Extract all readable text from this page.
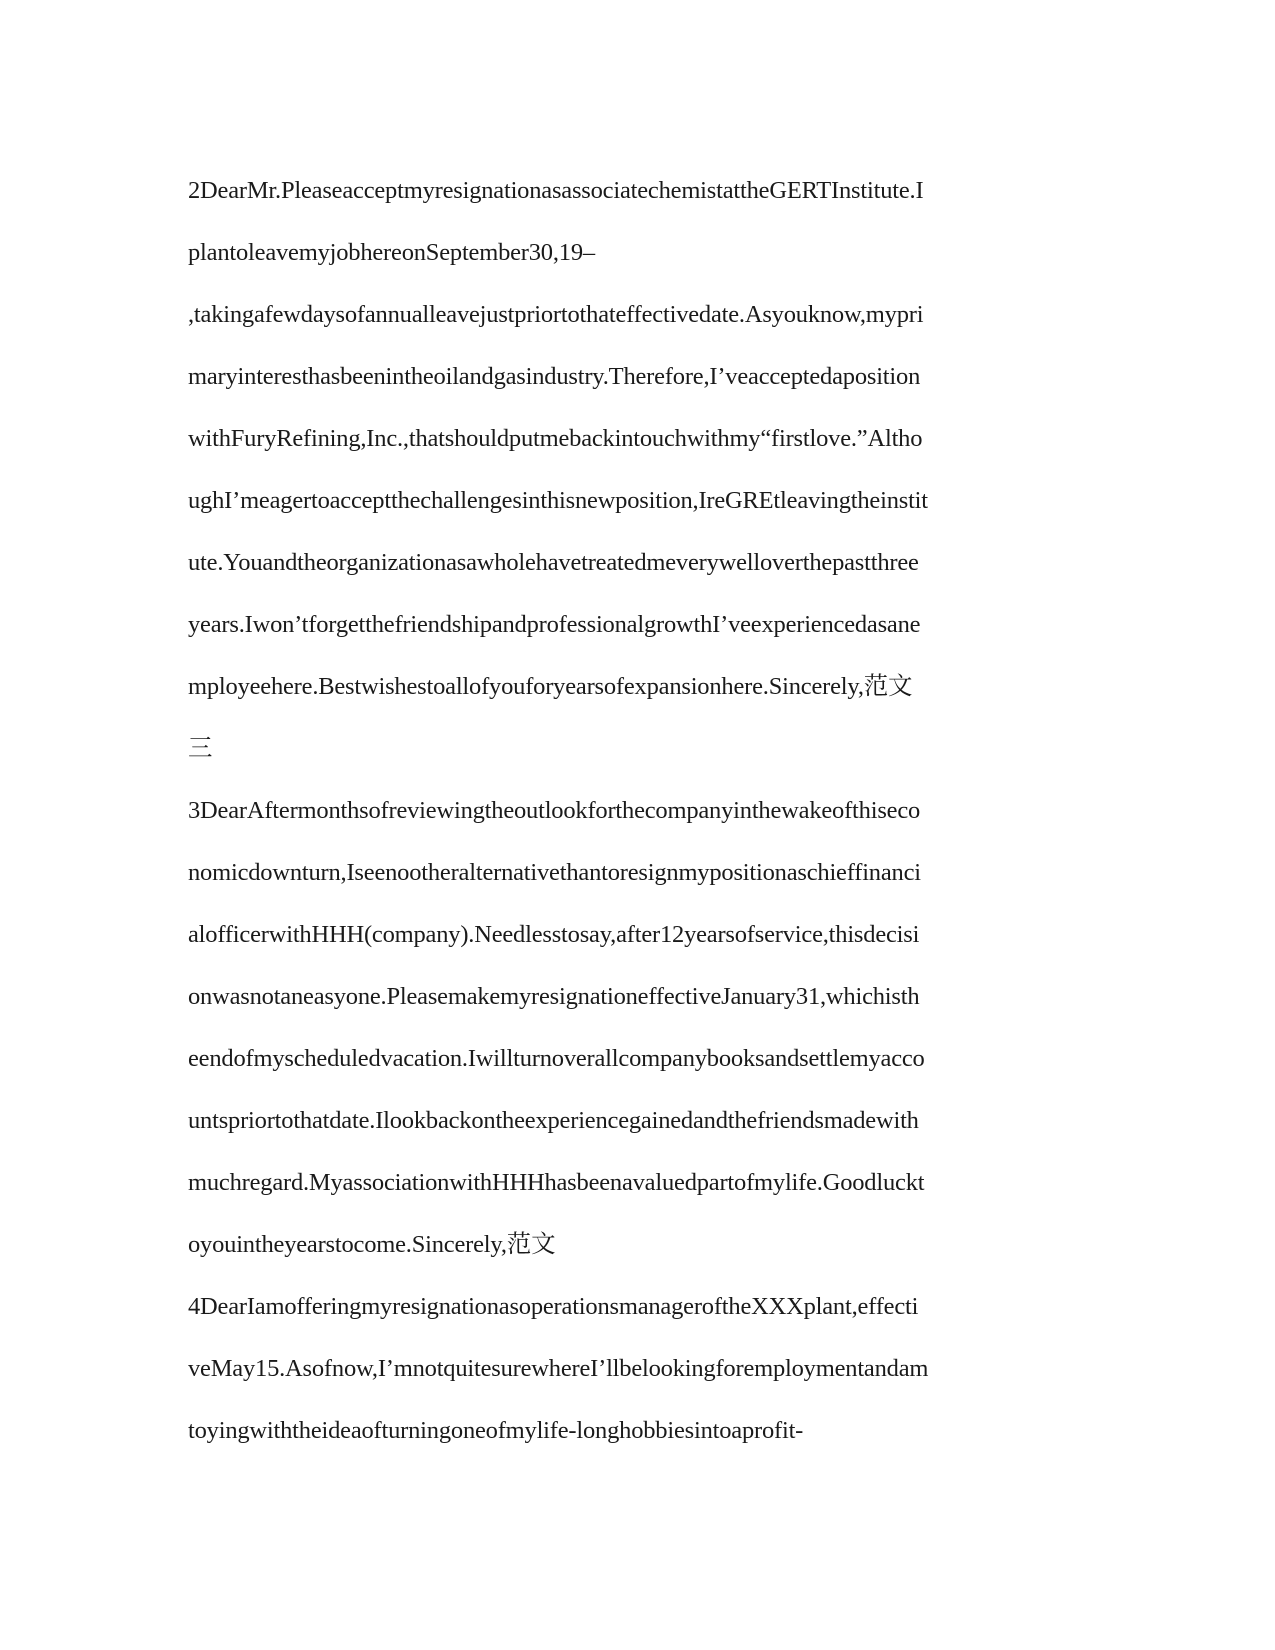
2DearMr.PleaseacceptmyresignationasassociatechemistattheGERTInstitute.I
plantoleavemyjobhereonSeptember30,19–
,takingafewdaysofannualleavejustpriortothateffectivedate.Asyouknow,mypri
maryinteresthasbeenintheoilandgasindustry.Therefore,I’veacceptedaposition
withFuryRefining,Inc.,thatshouldputmebackintouchwithmy“firstlove.”Altho
ughI’meagertoacceptthechallengesinthisnewposition,IreGREtleavingtheinstit
ute.Youandtheorganizationasawholehavetreatedmeverywelloverthepastthree
years.Iwon’tforgetthefriendshipandprofessionalgrowthI’veexperiencedasane
mployeehere.Bestwishestoallofyouforyearsofexpansionhere.Sincerely,范文
三
3DearAftermonthsofreviewingtheoutlookforthecompanyinthewakeofthiseco
nomicdownturn,Iseenootheralternativethantoresignmypositionaschieffinanci
alofficerwithHHH(company).Needlesstosay,after12yearsofservice,thisdecisi
onwasnotaneasyone.PleasemakemyresignationeffectiveJanuary31,whichisth
eendofmyscheduledvacation.Iwillturnoverallcompanybooksandsettlemyacco
untspriortothatdate.Ilookbackontheexperiencegainedandthefriendsmadewith
muchregard.MyassociationwithHHHhasbeenavaluedpartofmylife.Goodluckt
oyouintheyearstocome.Sincerely,范文
4DearIamofferingmyresignationasoperationsmanageroftheXXXplant,effecti
veMay15.Asofnow,I’mnotquitesurewhereI’llbelookingforemploymentandam
toyingwiththeideaofturningoneofmylife-longhobbiesintoaprofit-
